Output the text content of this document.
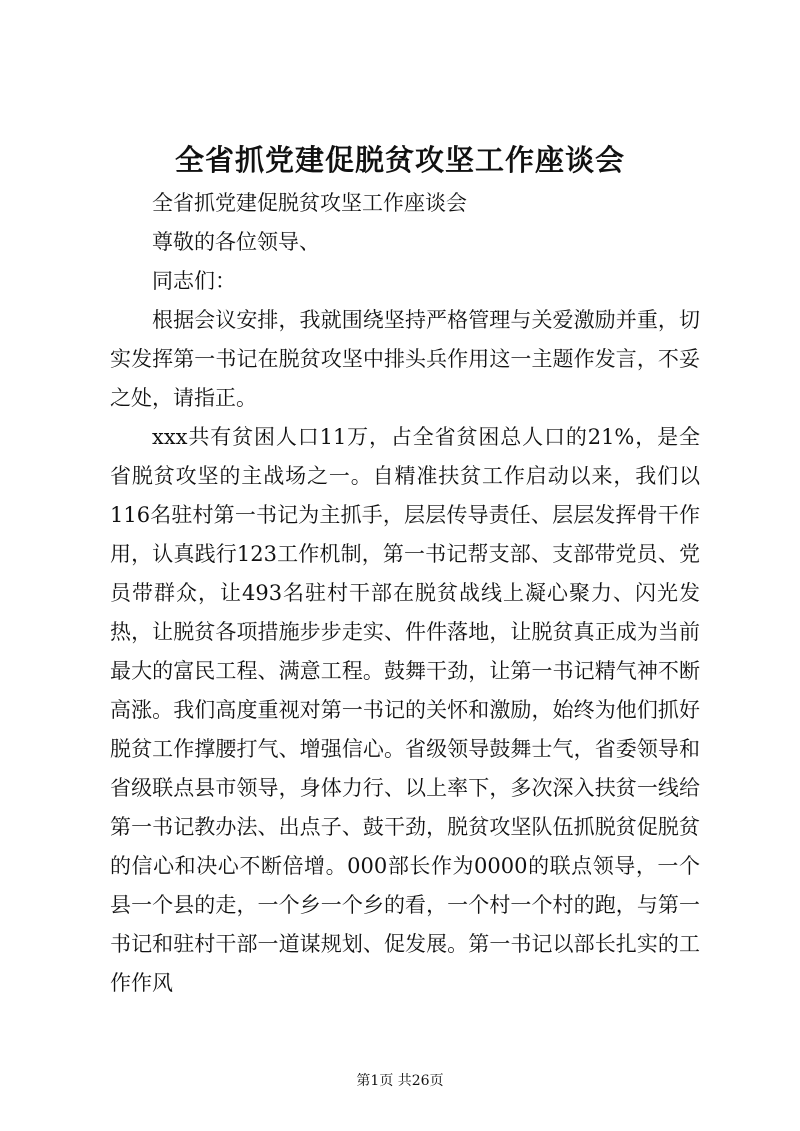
全省抓党建促脱贫攻坚工作座谈会

全省抓党建促脱贫攻坚工作座谈会

尊敬的各位领导、

同志们：

根据会议安排，我就围绕坚持严格管理与关爱激励并重，切实发挥第一书记在脱贫攻坚中排头兵作用这一主题作发言，不妥之处，请指正。

xxx共有贫困人口11万，占全省贫困总人口的21%，是全省脱贫攻坚的主战场之一。自精准扶贫工作启动以来，我们以116名驻村第一书记为主抓手，层层传导责任、层层发挥骨干作用，认真践行123工作机制，第一书记帮支部、支部带党员、党员带群众，让493名驻村干部在脱贫战线上凝心聚力、闪光发热，让脱贫各项措施步步走实、件件落地，让脱贫真正成为当前最大的富民工程、满意工程。鼓舞干劲，让第一书记精气神不断高涨。我们高度重视对第一书记的关怀和激励，始终为他们抓好脱贫工作撑腰打气、增强信心。省级领导鼓舞士气，省委领导和省级联点县市领导，身体力行、以上率下，多次深入扶贫一线给第一书记教办法、出点子、鼓干劲，脱贫攻坚队伍抓脱贫促脱贫的信心和决心不断倍增。000部长作为0000的联点领导，一个县一个县的走，一个乡一个乡的看，一个村一个村的跑，与第一书记和驻村干部一道谋规划、促发展。第一书记以部长扎实的工作作风

第1页 共26页
